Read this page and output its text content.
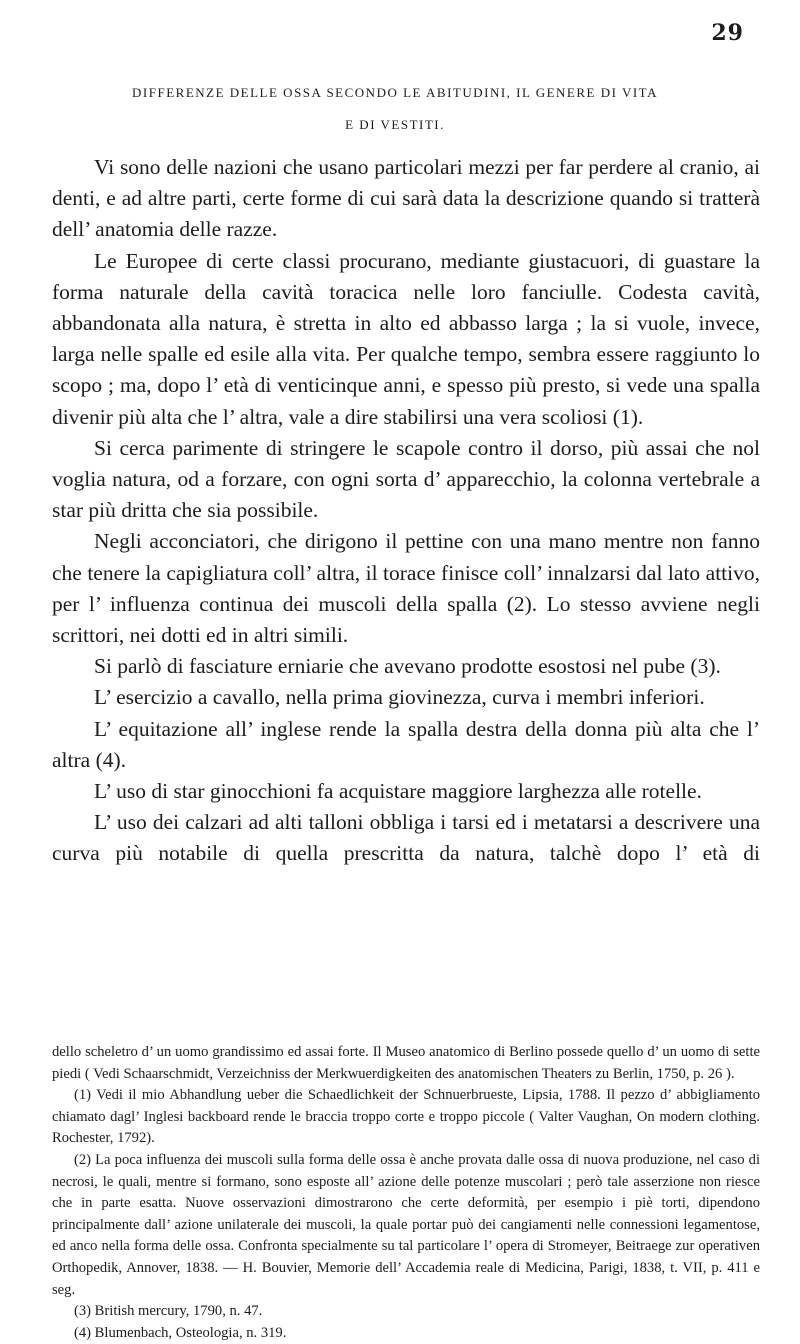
29
DIFFERENZE DELLE OSSA SECONDO LE ABITUDINI, IL GENERE DI VITA
E DI VESTITI.

Vi sono delle nazioni che usano particolari mezzi per far perdere al cranio, ai denti, e ad altre parti, certe forme di cui sarà data la descrizione quando si tratterà dell’ anatomia delle razze.

Le Europee di certe classi procurano, mediante giustacuori, di guastare la forma naturale della cavità toracica nelle loro fanciulle. Codesta cavità, abbandonata alla natura, è stretta in alto ed abbasso larga ; la si vuole, invece, larga nelle spalle ed esile alla vita. Per qualche tempo, sembra essere raggiunto lo scopo ; ma, dopo l’ età di venticinque anni, e spesso più presto, si vede una spalla divenir più alta che l’ altra, vale a dire stabilirsi una vera scoliosi (1).

Si cerca parimente di stringere le scapole contro il dorso, più assai che nol voglia natura, od a forzare, con ogni sorta d’ apparecchio, la colonna vertebrale a star più dritta che sia possibile.

Negli acconciatori, che dirigono il pettine con una mano mentre non fanno che tenere la capigliatura coll’ altra, il torace finisce coll’ innalzarsi dal lato attivo, per l’ influenza continua dei muscoli della spalla (2). Lo stesso avviene negli scrittori, nei dotti ed in altri simili.

Si parlò di fasciature erniarie che avevano prodotte esostosi nel pube (3).

L’ esercizio a cavallo, nella prima giovinezza, curva i membri inferiori.

L’ equitazione all’ inglese rende la spalla destra della donna più alta che l’ altra (4).

L’ uso di star ginocchioni fa acquistare maggiore larghezza alle rotelle.

L’ uso dei calzari ad alti talloni obbliga i tarsi ed i metatarsi a descrivere una curva più notabile di quella prescritta da natura, talchè dopo l’ età di

dello scheletro d’ un uomo grandissimo ed assai forte. Il Museo anatomico di Berlino possede quello d’ un uomo di sette piedi ( Vedi Schaarschmidt, Verzeichniss der Merkwuerdigkeiten des anatomischen Theaters zu Berlin, 1750, p. 26 ).

(1) Vedi il mio Abhandlung ueber die Schaedlichkeit der Schnuerbrueste, Lipsia, 1788. Il pezzo d’ abbigliamento chiamato dagl’ Inglesi backboard rende le braccia troppo corte e troppo piccole ( Valter Vaughan, On modern clothing. Rochester, 1792).

(2) La poca influenza dei muscoli sulla forma delle ossa è anche provata dalle ossa di nuova produzione, nel caso di necrosi, le quali, mentre si formano, sono esposte all’ azione delle potenze muscolari ; però tale asserzione non riesce che in parte esatta. Nuove osservazioni dimostrarono che certe deformità, per esempio i piè torti, dipendono principalmente dall’ azione unilaterale dei muscoli, la quale portar può dei cangiamenti nelle connessioni legamentose, ed anco nella forma delle ossa. Confronta specialmente su tal particolare l’ opera di Stromeyer, Beitraege zur operativen Orthopedik, Annover, 1838. — H. Bouvier, Memorie dell’ Accademia reale di Medicina, Parigi, 1838, t. VII, p. 411 e seg.

(3) British mercury, 1790, n. 47.

(4) Blumenbach, Osteologia, n. 319.
